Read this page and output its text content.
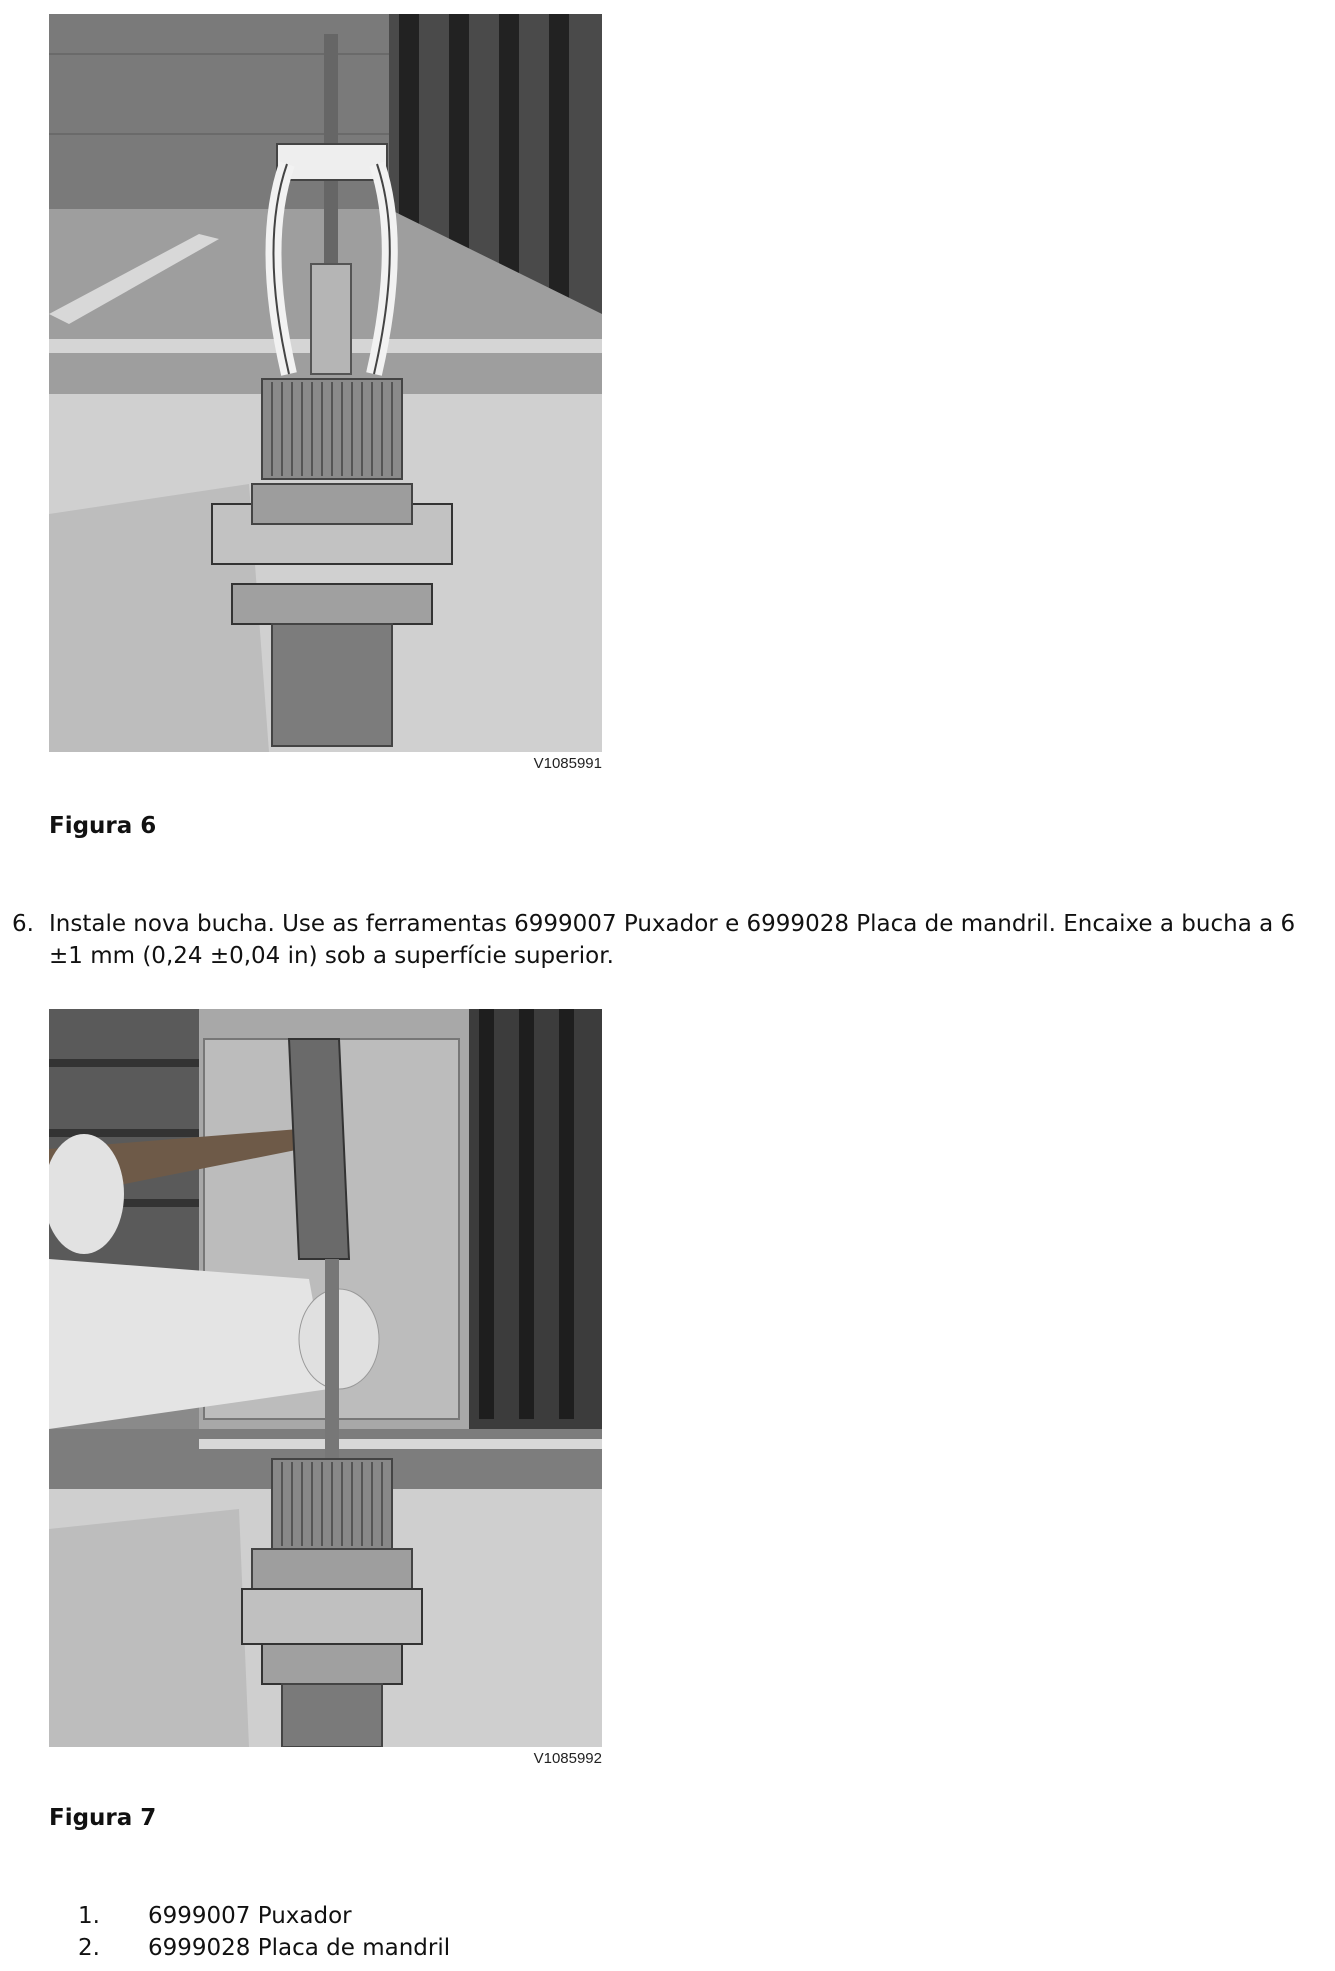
V1085991
Figura 6
6. Instale nova bucha. Use as ferramentas 6999007 Puxador e 6999028 Placa de mandril. Encaixe a bucha a 6 ±1 mm (0,24 ±0,04 in) sob a superfície superior.
V1085992
Figura 7
1.	6999007 Puxador
2.	6999028 Placa de mandril
